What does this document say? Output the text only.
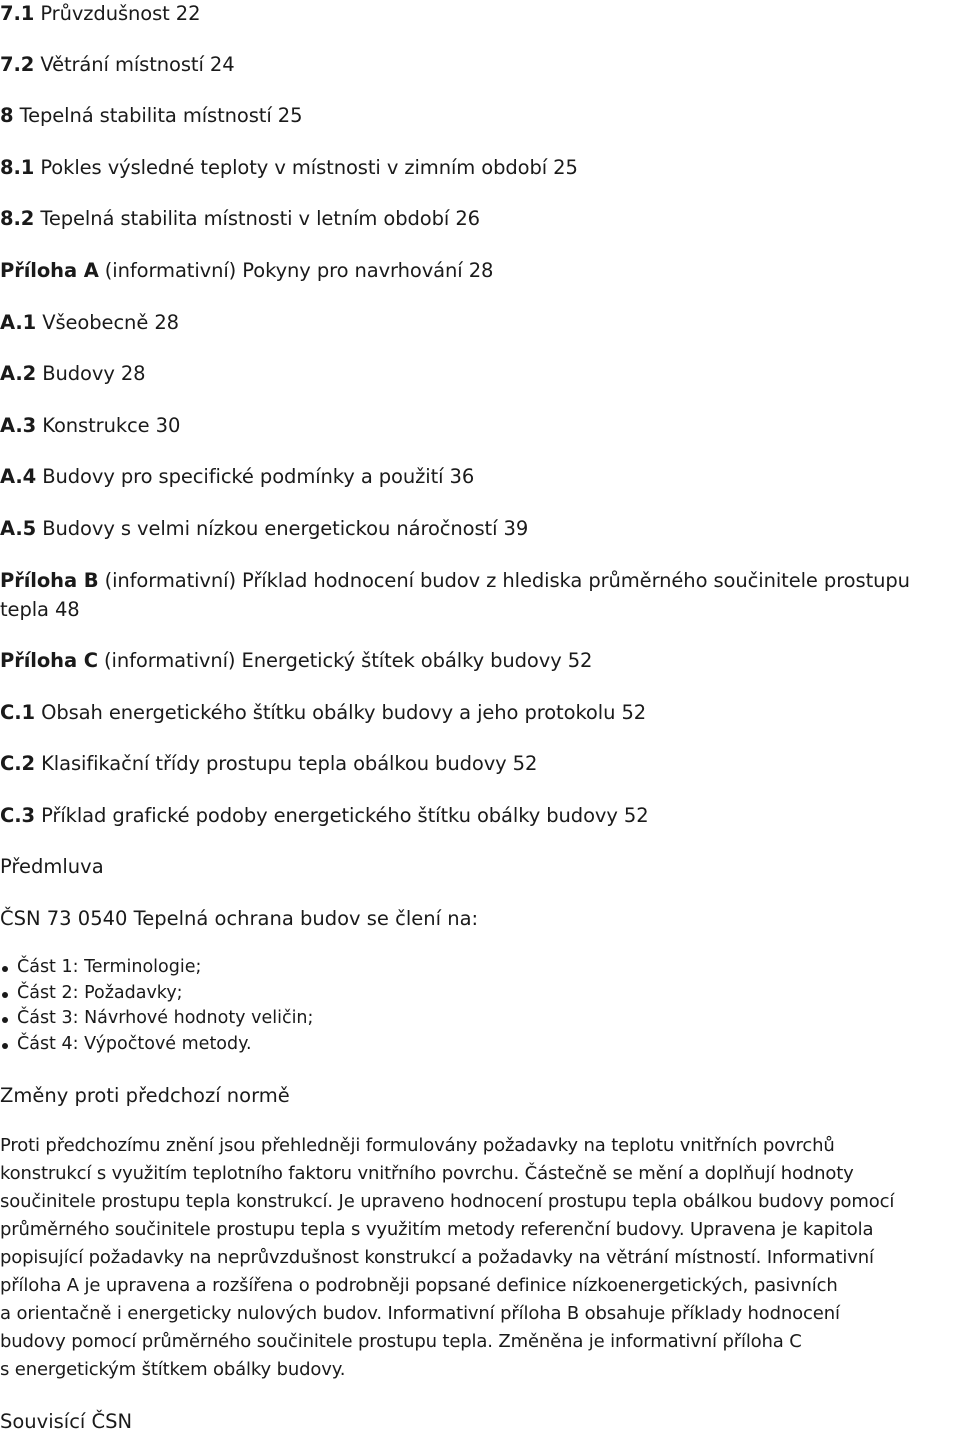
7.1 Průvzdušnost 22

7.2 Větrání místností 24

8 Tepelná stabilita místností 25

8.1 Pokles výsledné teploty v místnosti v zimním období 25

8.2 Tepelná stabilita místnosti v letním období 26

Příloha A (informativní) Pokyny pro navrhování 28

A.1 Všeobecně 28

A.2 Budovy 28

A.3 Konstrukce 30

A.4 Budovy pro specifické podmínky a použití 36

A.5 Budovy s velmi nízkou energetickou náročností 39

Příloha B (informativní) Příklad hodnocení budov z hlediska průměrného součinitele prostupu tepla 48

Příloha C (informativní) Energetický štítek obálky budovy 52

C.1 Obsah energetického štítku obálky budovy a jeho protokolu 52

C.2 Klasifikační třídy prostupu tepla obálkou budovy 52

C.3 Příklad grafické podoby energetického štítku obálky budovy 52

Předmluva

ČSN 73 0540 Tepelná ochrana budov se člení na:

Část 1: Terminologie;
Část 2: Požadavky;
Část 3: Návrhové hodnoty veličin;
Část 4: Výpočtové metody.

Změny proti předchozí normě

Proti předchozímu znění jsou přehledněji formulovány požadavky na teplotu vnitřních povrchů
konstrukcí s využitím teplotního faktoru vnitřního povrchu. Částečně se mění a doplňují hodnoty
součinitele prostupu tepla konstrukcí. Je upraveno hodnocení prostupu tepla obálkou budovy pomocí
průměrného součinitele prostupu tepla s využitím metody referenční budovy. Upravena je kapitola
popisující požadavky na neprůvzdušnost konstrukcí a požadavky na větrání místností. Informativní
příloha A je upravena a rozšířena o podrobněji popsané definice nízkoenergetických, pasivních
a orientačně i energeticky nulových budov. Informativní příloha B obsahuje příklady hodnocení
budovy pomocí průměrného součinitele prostupu tepla. Změněna je informativní příloha C
s energetickým štítkem obálky budovy.

Souvisící ČSN
